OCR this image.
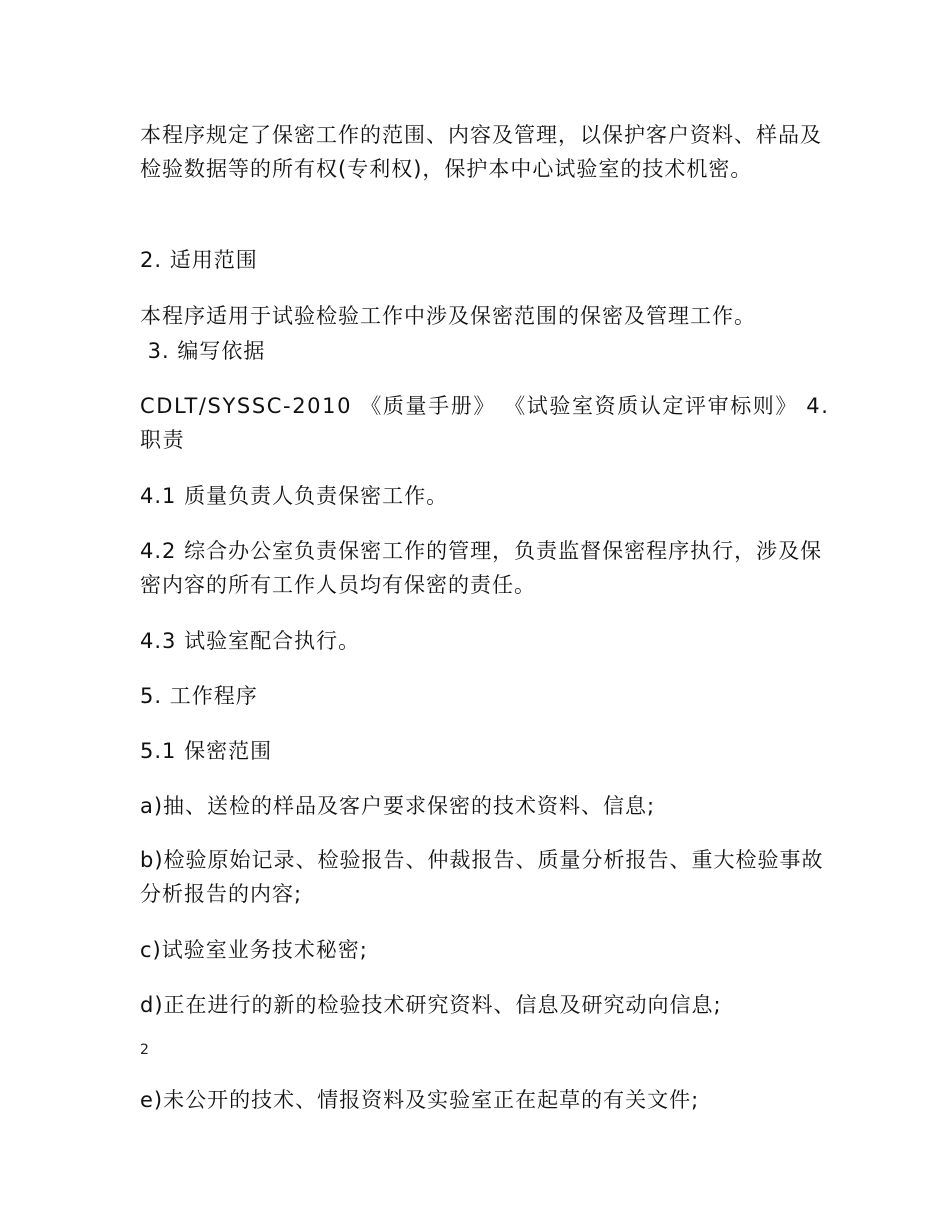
本程序规定了保密工作的范围、内容及管理，以保护客户资料、样品及检验数据等的所有权(专利权)，保护本中心试验室的技术机密。
2. 适用范围
本程序适用于试验检验工作中涉及保密范围的保密及管理工作。
3. 编写依据
CDLT/SYSSC-2010 《质量手册》 《试验室资质认定评审标则》 4. 职责
4.1 质量负责人负责保密工作。
4.2 综合办公室负责保密工作的管理，负责监督保密程序执行，涉及保密内容的所有工作人员均有保密的责任。
4.3 试验室配合执行。
5. 工作程序
5.1 保密范围
a)抽、送检的样品及客户要求保密的技术资料、信息;
b)检验原始记录、检验报告、仲裁报告、质量分析报告、重大检验事故分析报告的内容;
c)试验室业务技术秘密;
d)正在进行的新的检验技术研究资料、信息及研究动向信息;
2
e)未公开的技术、情报资料及实验室正在起草的有关文件;
